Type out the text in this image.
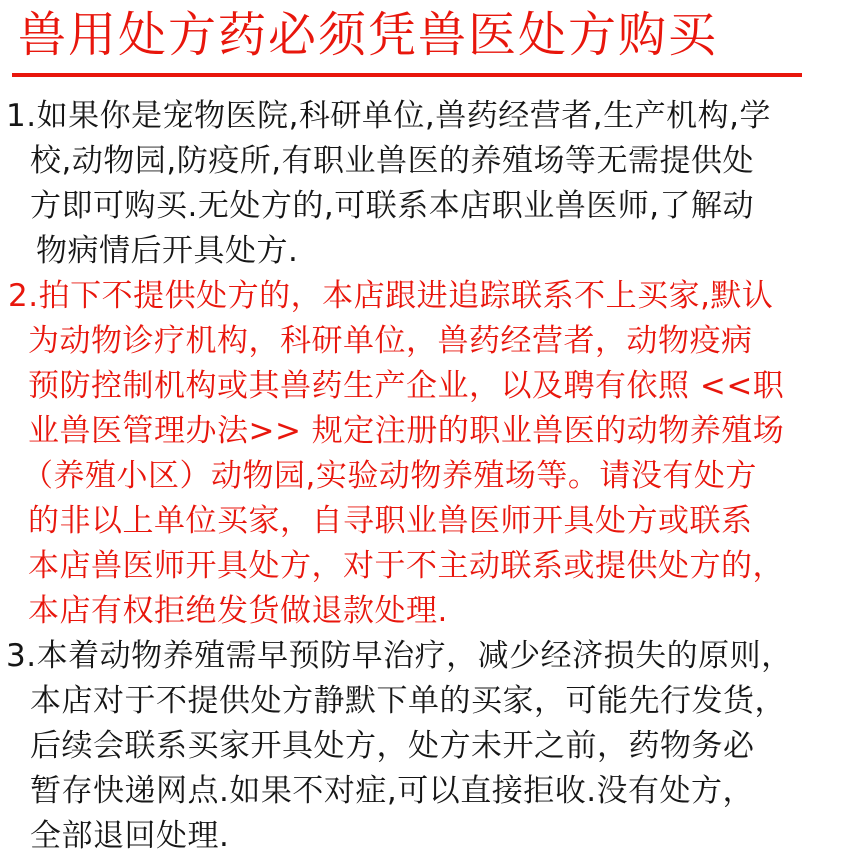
兽用处方药必须凭兽医处方购买
1.如果你是宠物医院,科研单位,兽药经营者,生产机构,学
校,动物园,防疫所,有职业兽医的养殖场等无需提供处
方即可购买.无处方的,可联系本店职业兽医师,了解动
物病情后开具处方.
2.拍下不提供处方的，本店跟进追踪联系不上买家,默认
为动物诊疗机构，科研单位，兽药经营者，动物疫病
预防控制机构或其兽药生产企业，以及聘有依照 <<职
业兽医管理办法>> 规定注册的职业兽医的动物养殖场
（养殖小区）动物园,实验动物养殖场等。请没有处方
的非以上单位买家，自寻职业兽医师开具处方或联系
本店兽医师开具处方，对于不主动联系或提供处方的，
本店有权拒绝发货做退款处理.
3.本着动物养殖需早预防早治疗，减少经济损失的原则，
本店对于不提供处方静默下单的买家，可能先行发货，
后续会联系买家开具处方，处方未开之前，药物务必
暂存快递网点.如果不对症,可以直接拒收.没有处方，
全部退回处理.
